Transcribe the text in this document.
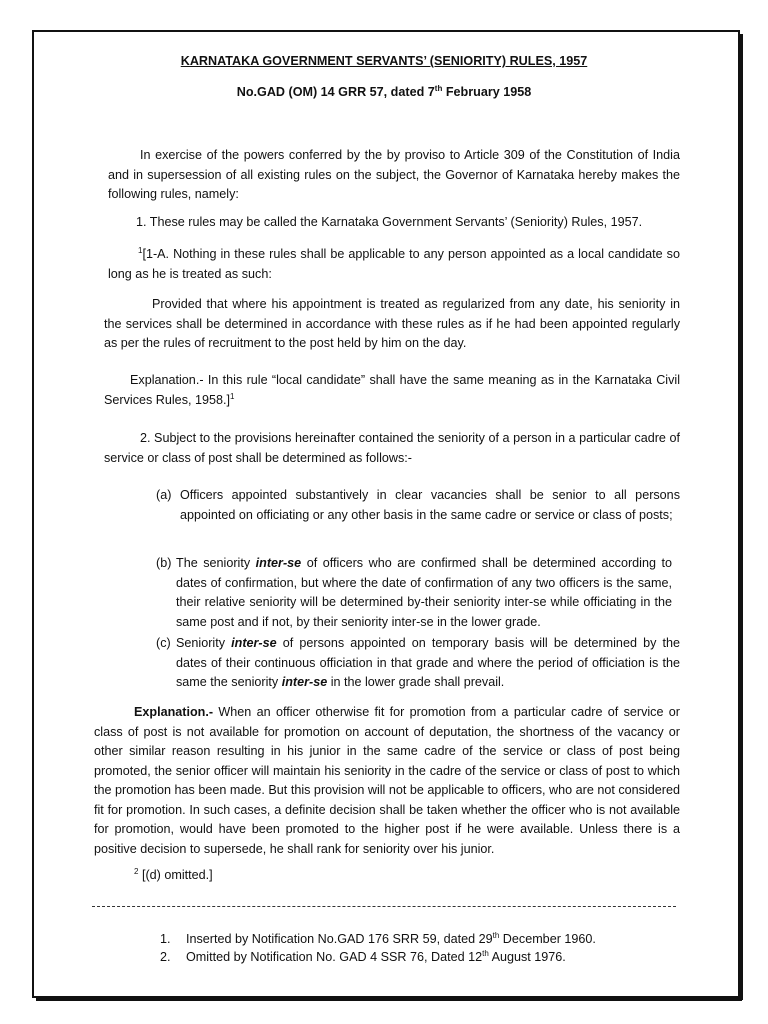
KARNATAKA GOVERNMENT SERVANTS’ (SENIORITY) RULES, 1957
No.GAD (OM) 14 GRR 57, dated 7th February 1958
In exercise of the powers conferred by the by proviso to Article 309 of the Constitution of India and in supersession of all existing rules on the subject, the Governor of Karnataka hereby makes the following rules, namely:
1. These rules may be called the Karnataka Government Servants’ (Seniority) Rules, 1957.
$^1$[1-A. Nothing in these rules shall be applicable to any person appointed as a local candidate so long as he is treated as such:
Provided that where his appointment is treated as regularized from any date, his seniority in the services shall be determined in accordance with these rules as if he had been appointed regularly as per the rules of recruitment to the post held by him on the day.
Explanation.- In this rule “local candidate” shall have the same meaning as in the Karnataka Civil Services Rules, 1958.]$^1$
2. Subject to the provisions hereinafter contained the seniority of a person in a particular cadre of service or class of post shall be determined as follows:-
(a) Officers appointed substantively in clear vacancies shall be senior to all persons appointed on officiating or any other basis in the same cadre or service or class of posts;
(b) The seniority inter-se of officers who are confirmed shall be determined according to dates of confirmation, but where the date of confirmation of any two officers is the same, their relative seniority will be determined by-their seniority inter-se while officiating in the same post and if not, by their seniority inter-se in the lower grade.
(c) Seniority inter-se of persons appointed on temporary basis will be determined by the dates of their continuous officiation in that grade and where the period of officiation is the same the seniority inter-se in the lower grade shall prevail.
Explanation.- When an officer otherwise fit for promotion from a particular cadre of service or class of post is not available for promotion on account of deputation, the shortness of the vacancy or other similar reason resulting in his junior in the same cadre of the service or class of post being promoted, the senior officer will maintain his seniority in the cadre of the service or class of post to which the promotion has been made. But this provision will not be applicable to officers, who are not considered fit for promotion. In such cases, a definite decision shall be taken whether the officer who is not available for promotion, would have been promoted to the higher post if he were available. Unless there is a positive decision to supersede, he shall rank for seniority over his junior.
$^2$ [(d) omitted.]
1.	Inserted by Notification No.GAD 176 SRR 59, dated 29th December 1960.
2.	Omitted by Notification No. GAD 4 SSR 76, Dated 12th August 1976.
